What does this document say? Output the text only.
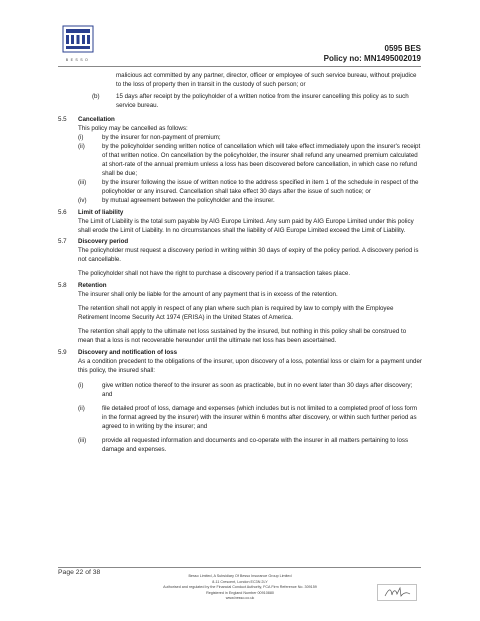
BESSO
0595 BES
Policy no: MN1495002019

malicious act committed by any partner, director, officer or employee of such service bureau, without prejudice to the loss of property then in transit in the custody of such person; or

(b)	15 days after receipt by the policyholder of a written notice from the insurer cancelling this policy as to such service bureau.

5.5 Cancellation

This policy may be cancelled as follows:

(i)	by the insurer for non-payment of premium;

(ii)	by the policyholder sending written notice of cancellation which will take effect immediately upon the insurer's receipt of that written notice. On cancellation by the policyholder, the insurer shall refund any unearned premium calculated at short-rate of the annual premium unless a loss has been discovered before cancellation, in which case no refund shall be due;

(iii)	by the insurer following the issue of written notice to the address specified in item 1 of the schedule in respect of the policyholder or any insured. Cancellation shall take effect 30 days after the issue of such notice; or

(iv) by mutual agreement between the policyholder and the insurer.

5.6 Limit of liability

The Limit of Liability is the total sum payable by AIG Europe Limited. Any sum paid by AIG Europe Limited under this policy shall erode the Limit of Liability. In no circumstances shall the liability of AIG Europe Limited exceed the Limit of Liability.

5.7 Discovery period

The policyholder must request a discovery period in writing within 30 days of expiry of the policy period. A discovery period is not cancellable.

The policyholder shall not have the right to purchase a discovery period if a transaction takes place.

5.8 Retention

The insurer shall only be liable for the amount of any payment that is in excess of the retention.

The retention shall not apply in respect of any plan where such plan is required by law to comply with the Employee Retirement Income Security Act 1974 (ERISA) in the United States of America.

The retention shall apply to the ultimate net loss sustained by the insured, but nothing in this policy shall be construed to mean that a loss is not recoverable hereunder until the ultimate net loss has been ascertained.

5.9 Discovery and notification of loss

As a condition precedent to the obligations of the insurer, upon discovery of a loss, potential loss or claim for a payment under this policy, the insured shall:

(i)	give written notice thereof to the insurer as soon as practicable, but in no event later than 30 days after discovery; and

(ii)	file detailed proof of loss, damage and expenses (which includes but is not limited to a completed proof of loss form in the format agreed by the insurer) with the insurer within 6 months after discovery, or within such further period as agreed to in writing by the insurer; and

(iii)	provide all requested information and documents and co-operate with the insurer in all matters pertaining to loss damage and expenses.

Page 22 of 38	Besso Limited, A Subsidiary Of Besso Insurance Group Limited
8-11 Crescent, London EC3N 2LY
Authorised and regulated by the Financial Conduct Authority, FCA Firm Reference No. 309159
Registered in England Number 00910880
www.besso.co.uk
